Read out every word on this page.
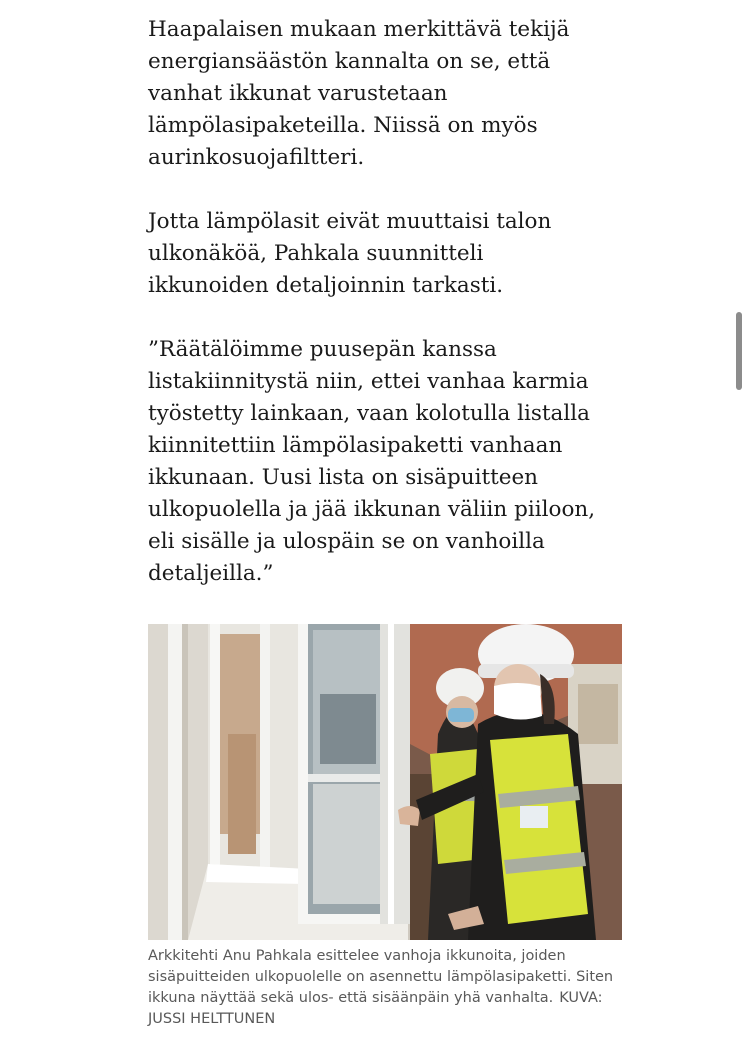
Haapalaisen mukaan merkittävä tekijä
energiansäästön kannalta on se, että
vanhat ikkunat varustetaan
lämpölasipaketeilla. Niissä on myös
aurinkosuojafiltteri.

Jotta lämpölasit eivät muuttaisi talon
ulkonäköä, Pahkala suunnitteli
ikkunoiden detaljoinnin tarkasti.

”Räätälöimme puusepän kanssa
listakiinnitystä niin, ettei vanhaa karmia
työstetty lainkaan, vaan kolotulla listalla
kiinnitettiin lämpölasipaketti vanhaan
ikkunaan. Uusi lista on sisäpuitteen
ulkopuolella ja jää ikkunan väliin piiloon,
eli sisälle ja ulospäin se on vanhoilla
detaljeilla.”

Arkkitehti Anu Pahkala esittelee vanhoja ikkunoita, joiden sisäpuitteiden ulkopuolelle on asennettu lämpölasipaketti. Siten ikkuna näyttää sekä ulos- että sisäänpäin yhä vanhalta. KUVA: JUSSI HELTTUNEN
